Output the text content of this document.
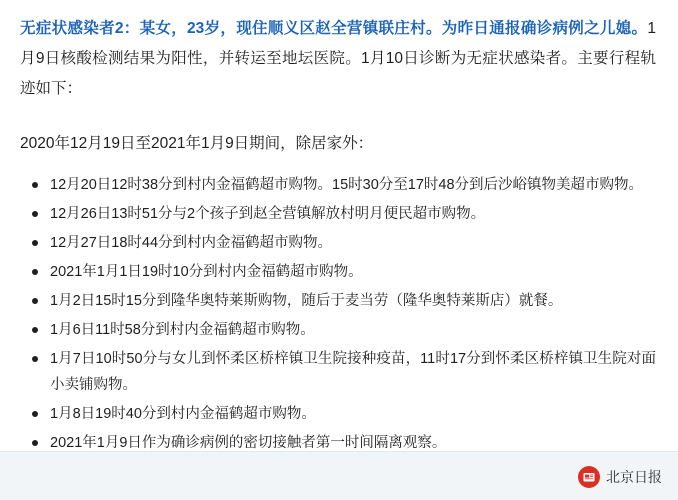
无症状感染者2：某女，23岁，现住顺义区赵全营镇联庄村。为昨日通报确诊病例之儿媳。1月9日核酸检测结果为阳性，并转运至地坛医院。1月10日诊断为无症状感染者。主要行程轨迹如下：

2020年12月19日至2021年1月9日期间，除居家外：

12月20日12时38分到村内金福鹤超市购物。15时30分至17时48分到后沙峪镇物美超市购物。
12月26日13时51分与2个孩子到赵全营镇解放村明月便民超市购物。
12月27日18时44分到村内金福鹤超市购物。
2021年1月1日19时10分到村内金福鹤超市购物。
1月2日15时15分到隆华奥特莱斯购物，随后于麦当劳（隆华奥特莱斯店）就餐。
1月6日11时58分到村内金福鹤超市购物。
1月7日10时50分与女儿到怀柔区桥梓镇卫生院接种疫苗，11时17分到怀柔区桥梓镇卫生院对面小卖铺购物。
1月8日19时40分到村内金福鹤超市购物。
2021年1月9日作为确诊病例的密切接触者第一时间隔离观察。
北京日报
